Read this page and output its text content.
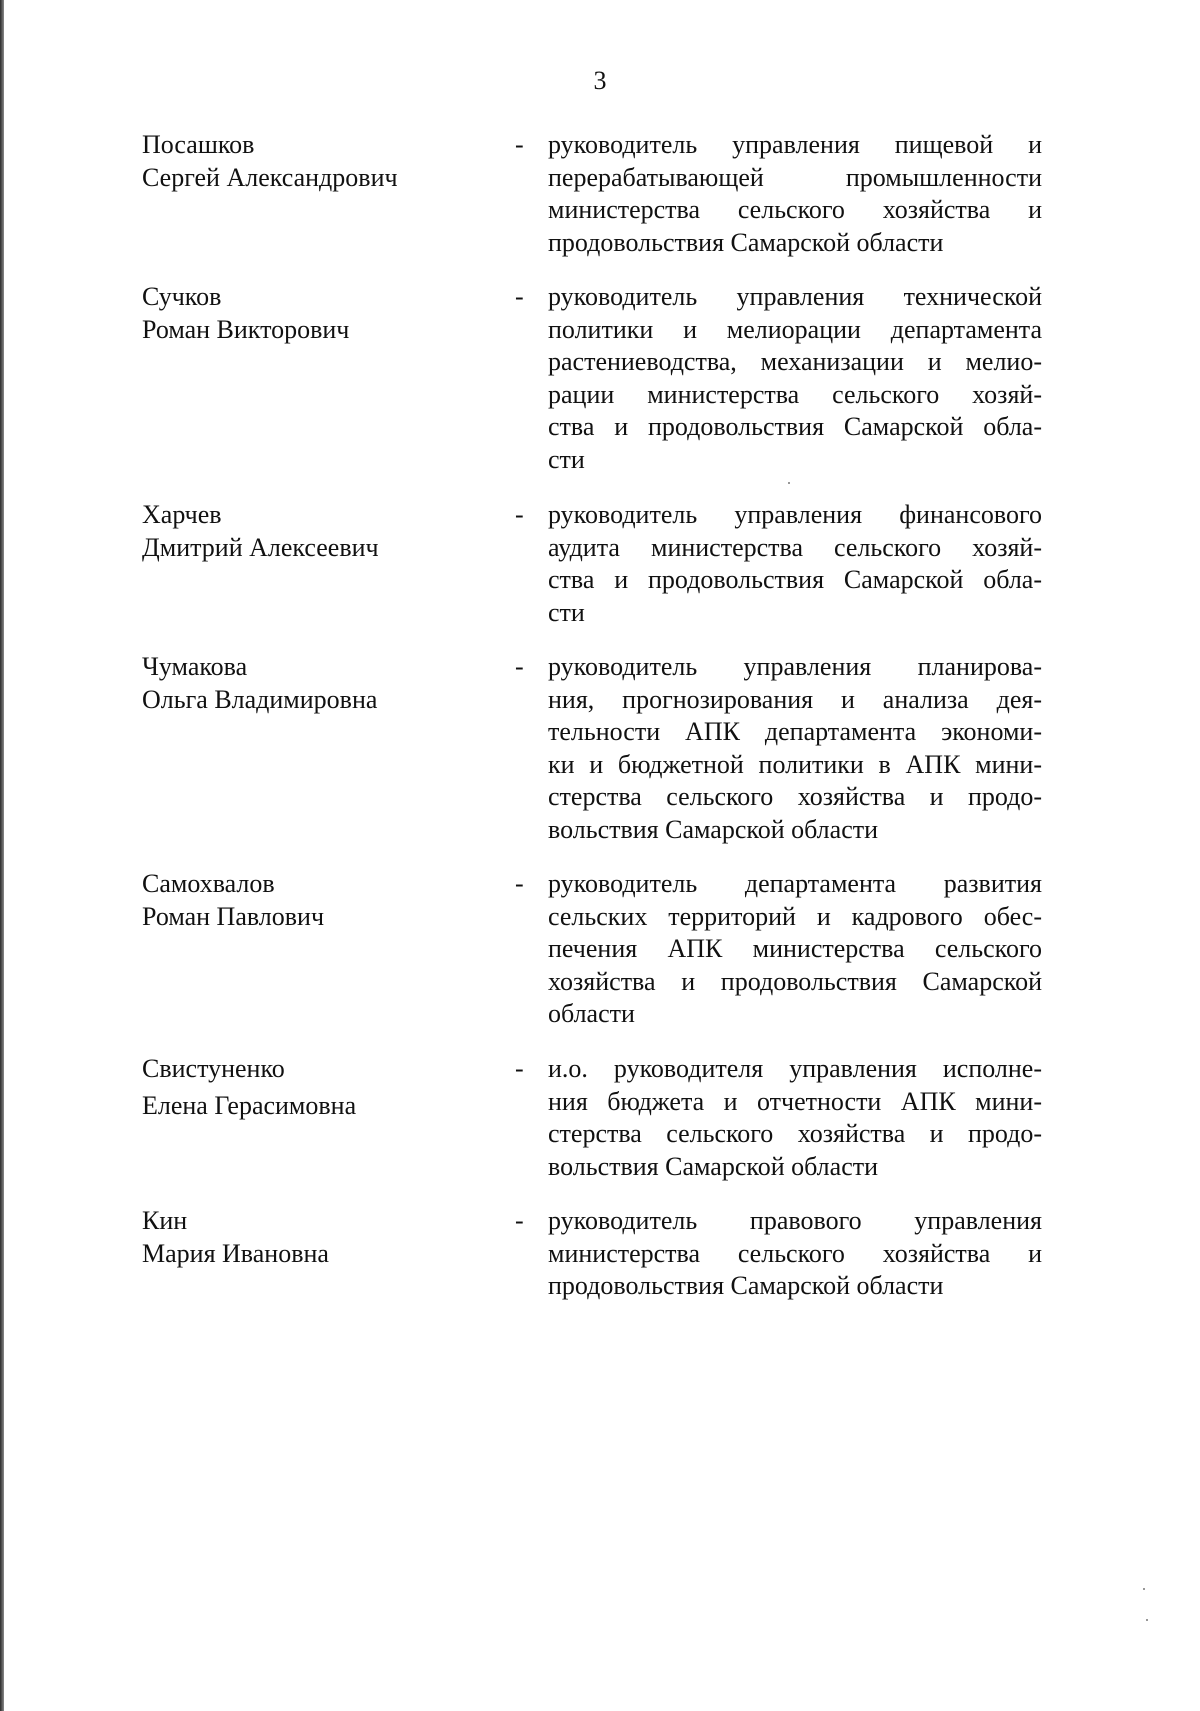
3
Посашков
Сергей Александрович
- руководитель управления пищевой и
перерабатывающей промышленности
министерства сельского хозяйства и
продовольствия Самарской области
Сучков
Роман Викторович
- руководитель управления технической
политики и мелиорации департамента
растениеводства, механизации и мелио-
рации министерства сельского хозяй-
ства и продовольствия Самарской обла-
сти
Харчев
Дмитрий Алексеевич
- руководитель управления финансового
аудита министерства сельского хозяй-
ства и продовольствия Самарской обла-
сти
Чумакова
Ольга Владимировна
- руководитель управления планирова-
ния, прогнозирования и анализа дея-
тельности АПК департамента экономи-
ки и бюджетной политики в АПК мини-
стерства сельского хозяйства и продо-
вольствия Самарской области
Самохвалов
Роман Павлович
- руководитель департамента развития
сельских территорий и кадрового обес-
печения АПК министерства сельского
хозяйства и продовольствия Самарской
области
Свистуненко
Елена Герасимовна
- и.о. руководителя управления исполне-
ния бюджета и отчетности АПК мини-
стерства сельского хозяйства и продо-
вольствия Самарской области
Кин
Мария Ивановна
- руководитель правового управления
министерства сельского хозяйства и
продовольствия Самарской области
